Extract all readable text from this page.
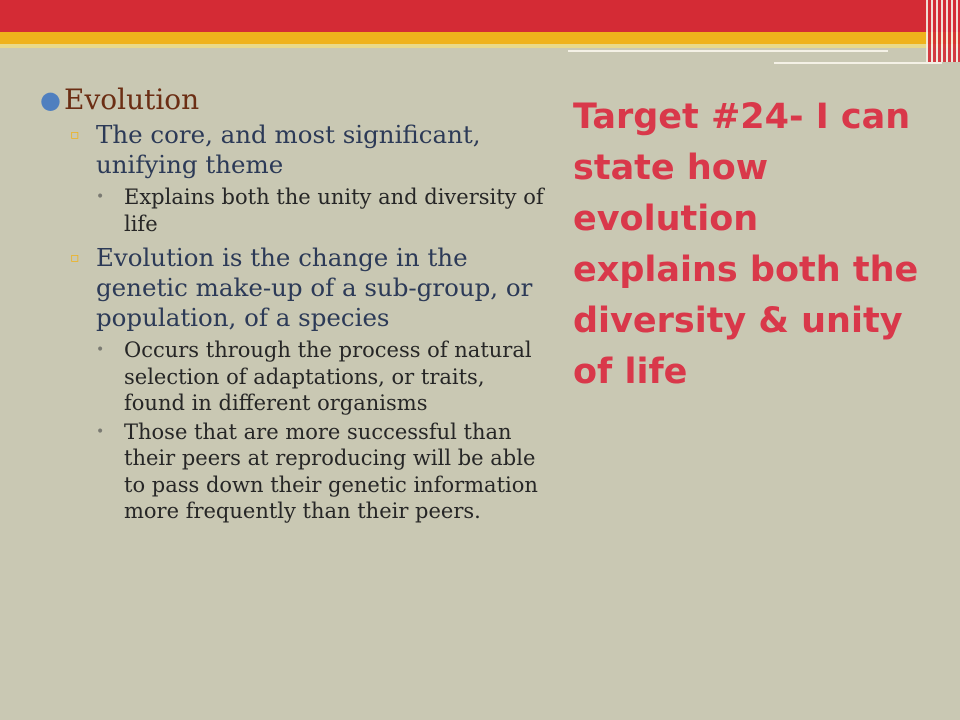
● Evolution
▫ The core, and most significant, unifying theme
• Explains both the unity and diversity of life
▫ Evolution is the change in the genetic make-up of a sub-group, or population, of a species
• Occurs through the process of natural selection of adaptations, or traits, found in different organisms
• Those that are more successful than their peers at reproducing will be able to pass down their genetic information more frequently than their peers.
Target #24- I can state how evolution explains both the diversity & unity of life
